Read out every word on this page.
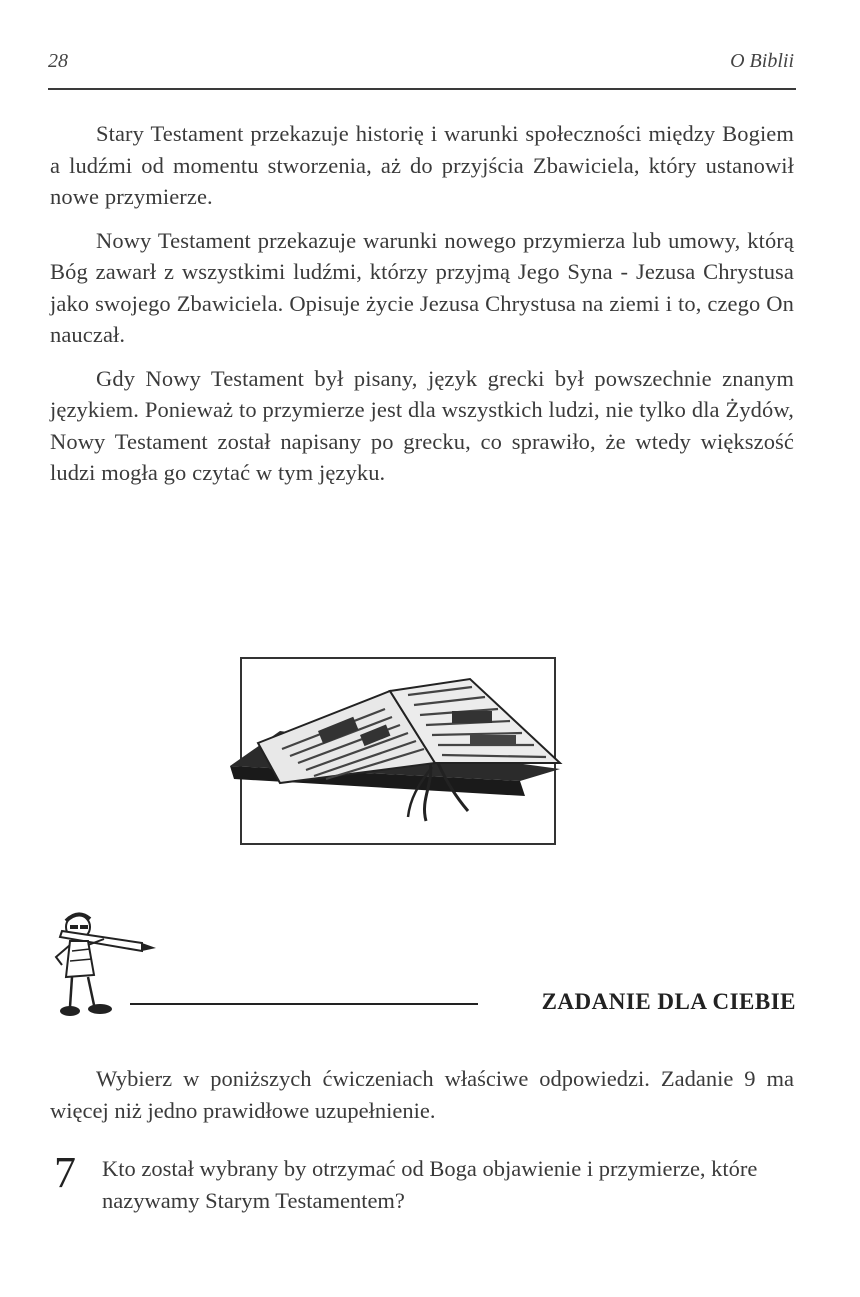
28	O Biblii

Stary Testament przekazuje historię i warunki społeczności między Bogiem a ludźmi od momentu stworzenia, aż do przyjścia Zbawiciela, który ustanowił nowe przymierze.

Nowy Testament przekazuje warunki nowego przymierza lub umowy, którą Bóg zawarł z wszystkimi ludźmi, którzy przyjmą Jego Syna - Jezusa Chrystusa jako swojego Zbawiciela. Opisuje życie Jezusa Chrystusa na ziemi i to, czego On nauczał.

Gdy Nowy Testament był pisany, język grecki był powszechnie znanym językiem. Ponieważ to przymierze jest dla wszystkich ludzi, nie tylko dla Żydów, Nowy Testament został napisany po grecku, co sprawiło, że wtedy większość ludzi mogła go czytać w tym języku.

ZADANIE DLA CIEBIE

Wybierz w poniższych ćwiczeniach właściwe odpowiedzi. Zadanie 9 ma więcej niż jedno prawidłowe uzupełnienie.

7 Kto został wybrany by otrzymać od Boga objawienie i przymierze, które nazywamy Starym Testamentem?
